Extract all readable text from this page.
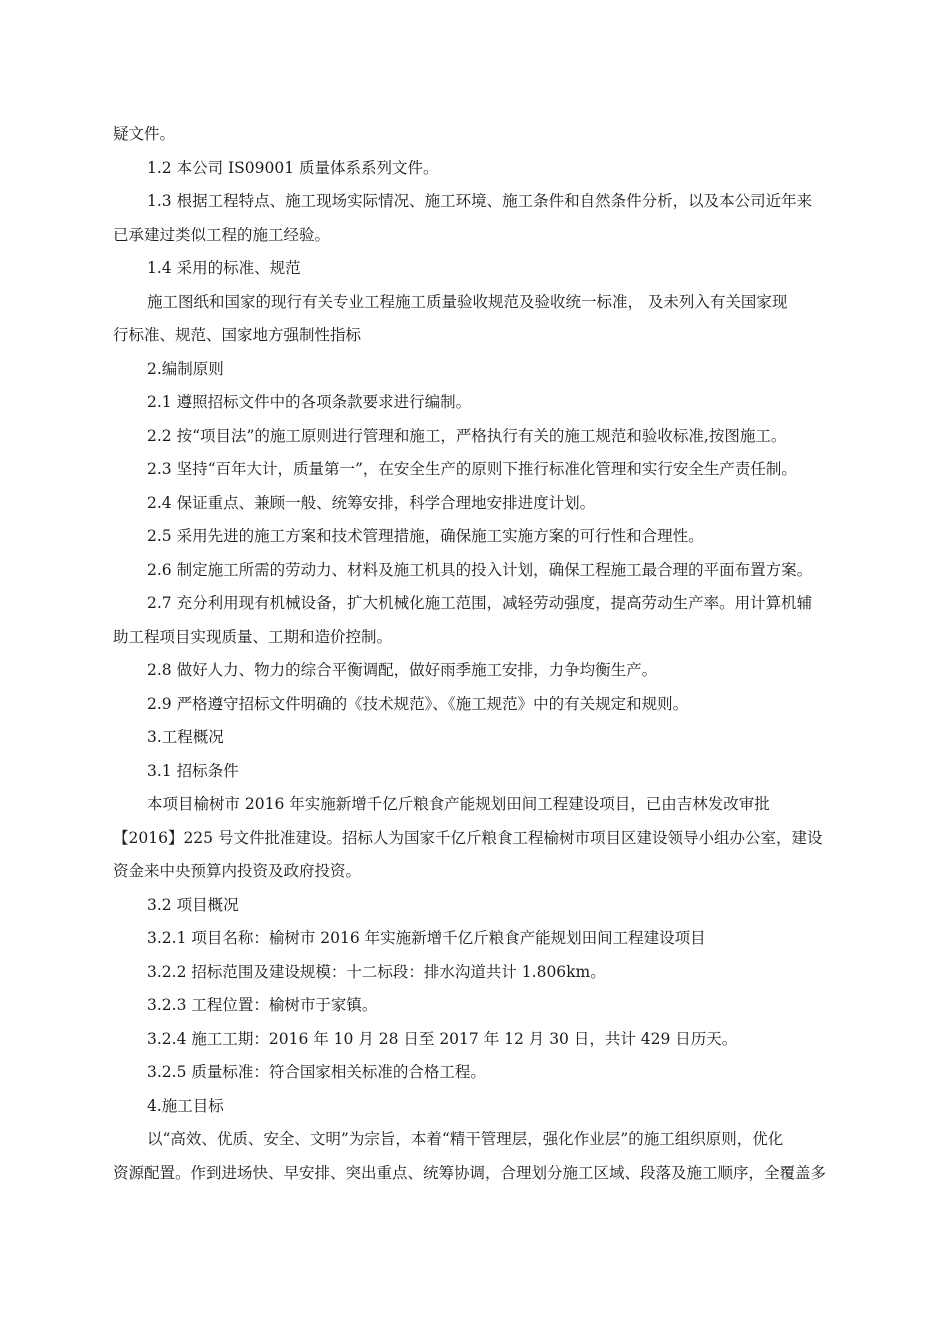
疑文件。
1.2 本公司 IS09001 质量体系系列文件。
1.3 根据工程特点、施工现场实际情况、施工环境、施工条件和自然条件分析，以及本公司近年来
已承建过类似工程的施工经验。
1.4 采用的标准、规范
施工图纸和国家的现行有关专业工程施工质量验收规范及验收统一标准， 及未列入有关国家现
行标准、规范、国家地方强制性指标
2.编制原则
2.1 遵照招标文件中的各项条款要求进行编制。
2.2 按“项目法”的施工原则进行管理和施工，严格执行有关的施工规范和验收标准,按图施工。
2.3 坚持“百年大计，质量第一”，在安全生产的原则下推行标准化管理和实行安全生产责任制。
2.4 保证重点、兼顾一般、统筹安排，科学合理地安排进度计划。
2.5 采用先进的施工方案和技术管理措施，确保施工实施方案的可行性和合理性。
2.6 制定施工所需的劳动力、材料及施工机具的投入计划，确保工程施工最合理的平面布置方案。
2.7 充分利用现有机械设备，扩大机械化施工范围，减轻劳动强度，提高劳动生产率。用计算机辅
助工程项目实现质量、工期和造价控制。
2.8 做好人力、物力的综合平衡调配，做好雨季施工安排，力争均衡生产。
2.9 严格遵守招标文件明确的《技术规范》、《施工规范》中的有关规定和规则。
3.工程概况
3.1 招标条件
本项目榆树市 2016 年实施新增千亿斤粮食产能规划田间工程建设项目，已由吉林发改审批
【2016】225 号文件批准建设。招标人为国家千亿斤粮食工程榆树市项目区建设领导小组办公室，建设
资金来中央预算内投资及政府投资。
3.2 项目概况
3.2.1 项目名称：榆树市 2016 年实施新增千亿斤粮食产能规划田间工程建设项目
3.2.2 招标范围及建设规模：十二标段：排水沟道共计 1.806km。
3.2.3 工程位置：榆树市于家镇。
3.2.4 施工工期：2016 年 10 月 28 日至 2017 年 12 月 30 日，共计 429 日历天。
3.2.5 质量标准：符合国家相关标准的合格工程。
4.施工目标
以“高效、优质、安全、文明”为宗旨，本着“精干管理层，强化作业层”的施工组织原则，优化
资源配置。作到进场快、早安排、突出重点、统筹协调，合理划分施工区域、段落及施工顺序，全覆盖多
